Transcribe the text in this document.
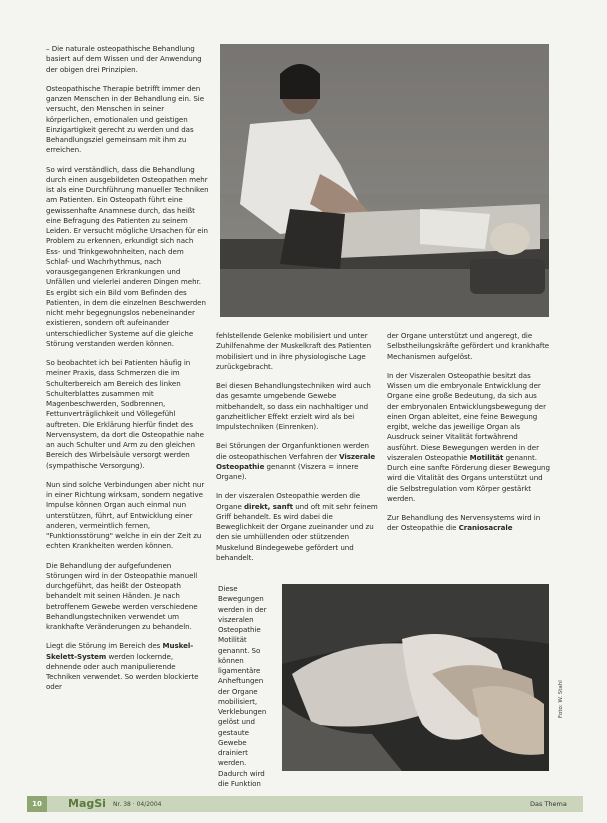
– Die naturale osteopathische Behandlung basiert auf dem Wissen und der Anwendung der obigen drei Prinzipien.

Osteopathische Therapie betrifft immer den ganzen Menschen in der Behandlung ein. Sie versucht, den Menschen in seiner körperlichen, emotionalen und geistigen Einzigartigkeit gerecht zu werden und das Behandlungsziel gemeinsam mit ihm zu erreichen.

So wird verständlich, dass die Behandlung durch einen ausgebildeten Osteopathen mehr ist als eine Durchführung manueller Techniken am Patienten. Ein Osteopath führt eine gewissenhafte Anamnese durch, das heißt eine Befragung des Patienten zu seinem Leiden. Er versucht mögliche Ursachen für ein Problem zu erkennen, erkundigt sich nach Ess- und Trinkgewohnheiten, nach dem Schlaf- und Wachrhythmus, nach vorausgegangenen Erkrankungen und Unfällen und vielerlei anderen Dingen mehr. Es ergibt sich ein Bild vom Befinden des Patienten, in dem die einzelnen Beschwerden nicht mehr begegnungslos nebeneinander existieren, sondern oft aufeinander unterschiedlicher Systeme auf die gleiche Störung verstanden werden können.

So beobachtet ich bei Patienten häufig in meiner Praxis, dass Schmerzen die im Schulterbereich am Bereich des linken Schulterblattes zusammen mit Magenbeschwerden, Sodbrennen, Fettunverträglichkeit und Völlegefühl auftreten. Die Erklärung hierfür findet des Nervensystem, da dort die Osteopathie nahe an auch Schulter und Arm zu den gleichen Bereich des Wirbelsäule versorgt werden (sympathische Versorgung).

Nun sind solche Verbindungen aber nicht nur in einer Richtung wirksam, sondern negative Impulse können Organ auch einmal nun unterstützen, führt, auf Entwicklung einer anderen, vermeintlich fernen, "Funktionsstörung" welche in ein der Zeit zu echten Krankheiten werden können.

Die Behandlung der aufgefundenen Störungen wird in der Osteopathie manuell durchgeführt, das heißt der Osteopath behandelt mit seinen Händen. Je nach betroffenem Gewebe werden verschiedene Behandlungstechniken verwendet um krankhafte Veränderungen zu behandeln.

Liegt die Störung im Bereich des Muskel-Skelett-System werden lockernde, dehnende oder auch manipulierende Techniken verwendet. So werden blockierte oder

fehlstellende Gelenke mobilisiert und unter Zuhilfenahme der Muskelkraft des Patienten mobilisiert und in ihre physiologische Lage zurückgebracht.

Bei diesen Behandlungstechniken wird auch das gesamte umgebende Gewebe mitbehandelt, so dass ein nachhaltiger und ganzheitlicher Effekt erzielt wird als bei Impulstechniken (Einrenken).

Bei Störungen der Organfunktionen werden die osteopathischen Verfahren der Viszerale Osteopathie genannt (Viszera = innere Organe).

In der viszeralen Osteopathie werden die Organe direkt, sanft und oft mit sehr feinem Griff behandelt. Es wird dabei die Beweglichkeit der Organe zueinander und zu den sie umhüllenden oder stützenden Muskelund Bindegewebe gefördert und behandelt.

der Organe unterstützt und angeregt, die Selbstheilungskräfte gefördert und krankhafte Mechanismen aufgelöst.

In der Viszeralen Osteopathie besitzt das Wissen um die embryonale Entwicklung der Organe eine große Bedeutung, da sich aus der embryonalen Entwicklungsbewegung der einen Organ ableitet, eine feine Bewegung ergibt, welche das jeweilige Organ als Ausdruck seiner Vitalität fortwährend ausführt. Diese Bewegungen werden in der viszeralen Osteopathie Motilität genannt. Durch eine sanfte Förderung dieser Bewegung wird die Vitalität des Organs unterstützt und die Selbstregulation vom Körper gestärkt werden.

Zur Behandlung des Nervensystems wird in der Osteopathie die Craniosacrale

Diese Bewegungen werden in der viszeralen Osteopathie Motilität genannt. So können ligamentäre Anheftungen der Organe mobilisiert, Verklebungen gelöst und gestaute Gewebe drainiert werden. Dadurch wird die Funktion

Foto: W. Stahl
10	MagSi Nr. 38 · 04/2004	Das Thema
